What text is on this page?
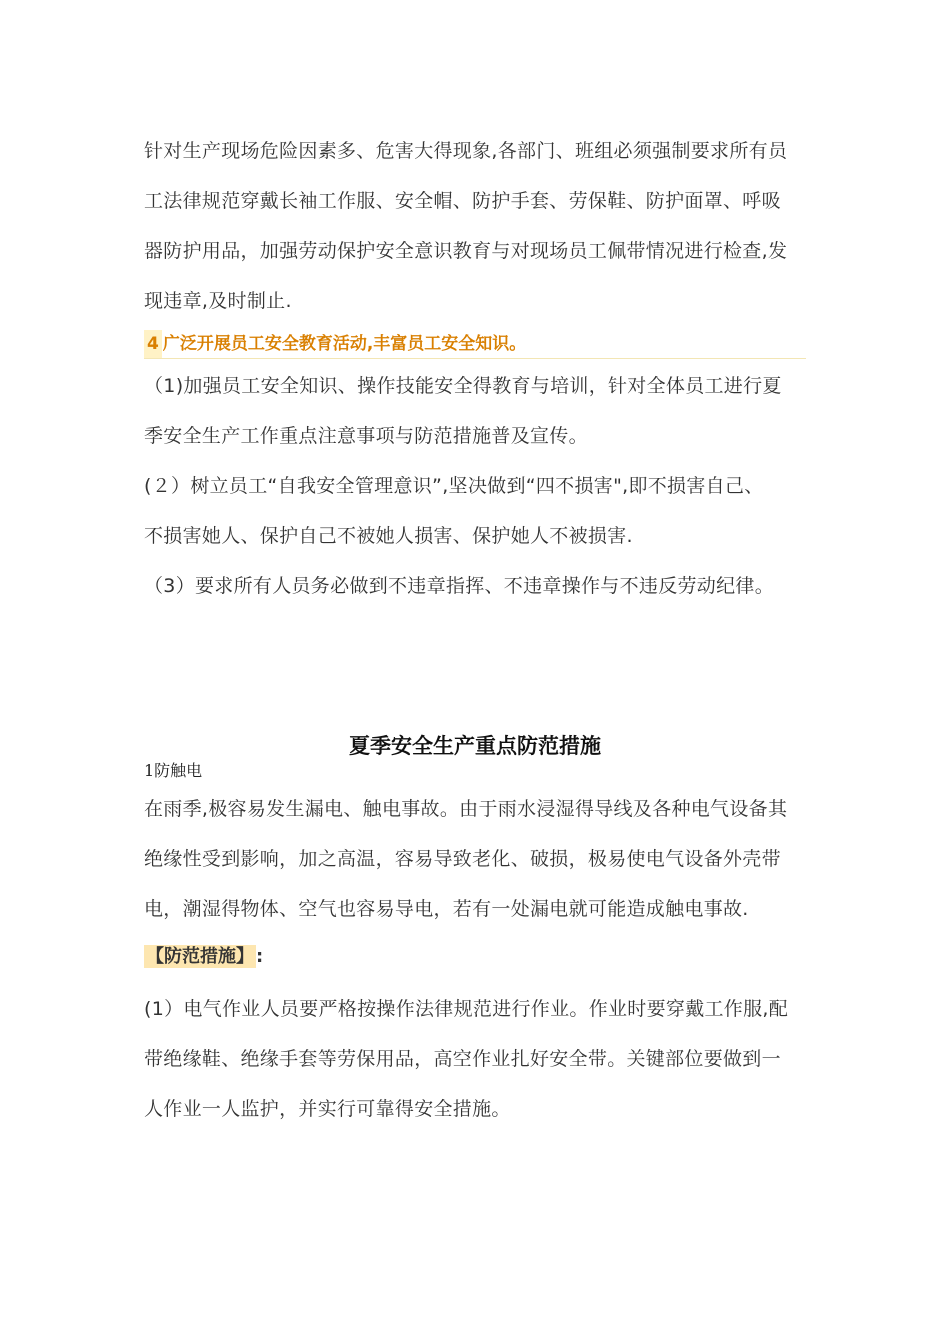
针对生产现场危险因素多、危害大得现象,各部门、班组必须强制要求所有员
工法律规范穿戴长袖工作服、安全帽、防护手套、劳保鞋、防护面罩、呼吸
器防护用品，加强劳动保护安全意识教育与对现场员工佩带情况进行检查,发
现违章,及时制止.
4 广泛开展员工安全教育活动,丰富员工安全知识。
（1)加强员工安全知识、操作技能安全得教育与培训，针对全体员工进行夏
季安全生产工作重点注意事项与防范措施普及宣传。
(２）树立员工“自我安全管理意识”,坚决做到“四不损害",即不损害自己、
不损害她人、保护自己不被她人损害、保护她人不被损害.
（3）要求所有人员务必做到不违章指挥、不违章操作与不违反劳动纪律。
夏季安全生产重点防范措施
1防触电
在雨季,极容易发生漏电、触电事故。由于雨水浸湿得导线及各种电气设备其
绝缘性受到影响，加之高温，容易导致老化、破损，极易使电气设备外壳带
电，潮湿得物体、空气也容易导电，若有一处漏电就可能造成触电事故.
【防范措施】 :
(1）电气作业人员要严格按操作法律规范进行作业。作业时要穿戴工作服,配
带绝缘鞋、绝缘手套等劳保用品，高空作业扎好安全带。关键部位要做到一
人作业一人监护，并实行可靠得安全措施。
